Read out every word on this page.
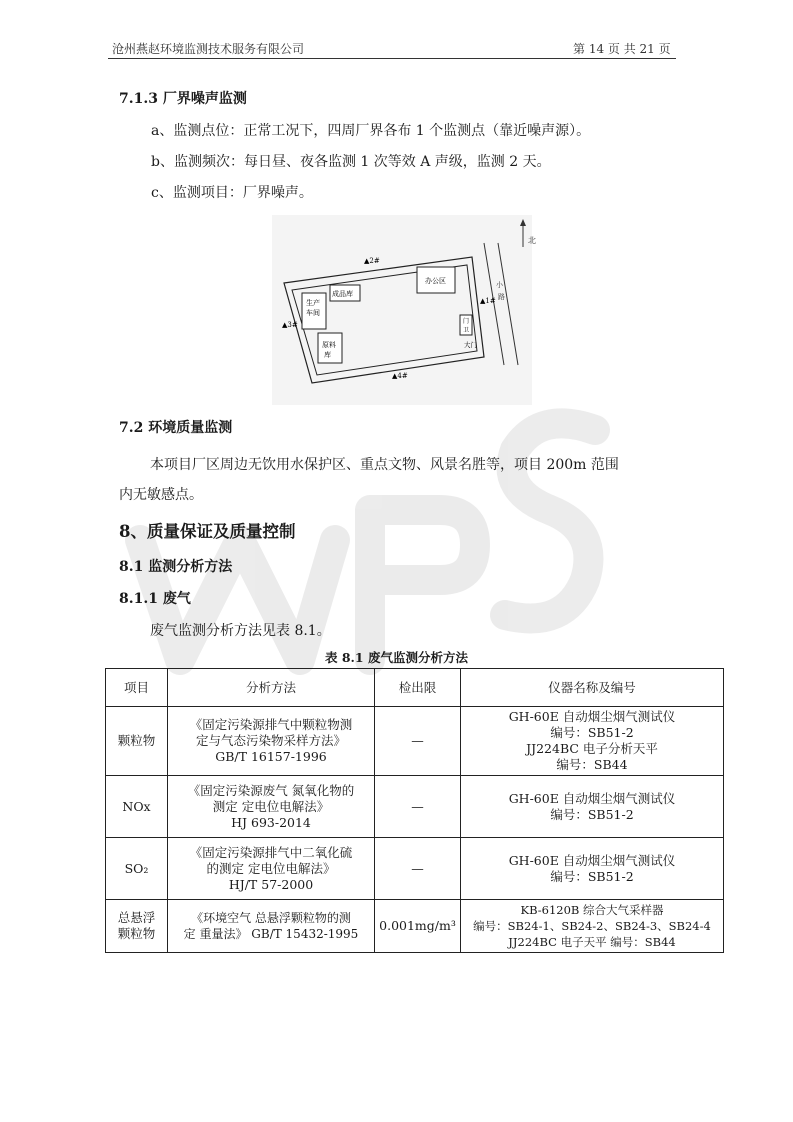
沧州燕赵环境监测技术服务有限公司	第 14 页 共 21 页
7.1.3 厂界噪声监测
a、监测点位：正常工况下，四周厂界各布 1 个监测点（靠近噪声源）。
b、监测频次：每日昼、夜各监测 1 次等效 A 声级，监测 2 天。
c、监测项目：厂界噪声。
北
小
路
生产
车间
成品库
办公区
原料
库
门
卫
大门
▲2#
▲1#
▲3#
▲4#
7.2 环境质量监测
本项目厂区周边无饮用水保护区、重点文物、风景名胜等，项目 200m 范围
内无敏感点。
8、质量保证及质量控制
8.1 监测分析方法
8.1.1 废气
废气监测分析方法见表 8.1。
表 8.1 废气监测分析方法
项目	分析方法	检出限	仪器名称及编号

颗粒物	《固定污染源排气中颗粒物测
定与气态污染物采样方法》
GB/T 16157-1996	—	GH-60E 自动烟尘烟气测试仪
编号：SB51-2
JJ224BC 电子分析天平
编号：SB44

NOx	《固定污染源废气 氮氧化物的
测定 定电位电解法》
HJ 693-2014	—	GH-60E 自动烟尘烟气测试仪
编号：SB51-2

SO₂	《固定污染源排气中二氧化硫
的测定 定电位电解法》
HJ/T 57-2000	—	GH-60E 自动烟尘烟气测试仪
编号：SB51-2

总悬浮
颗粒物	《环境空气 总悬浮颗粒物的测
定 重量法》 GB/T 15432-1995	0.001mg/m³	KB-6120B 综合大气采样器
编号：SB24-1、SB24-2、SB24-3、SB24-4
JJ224BC 电子天平 编号：SB44
